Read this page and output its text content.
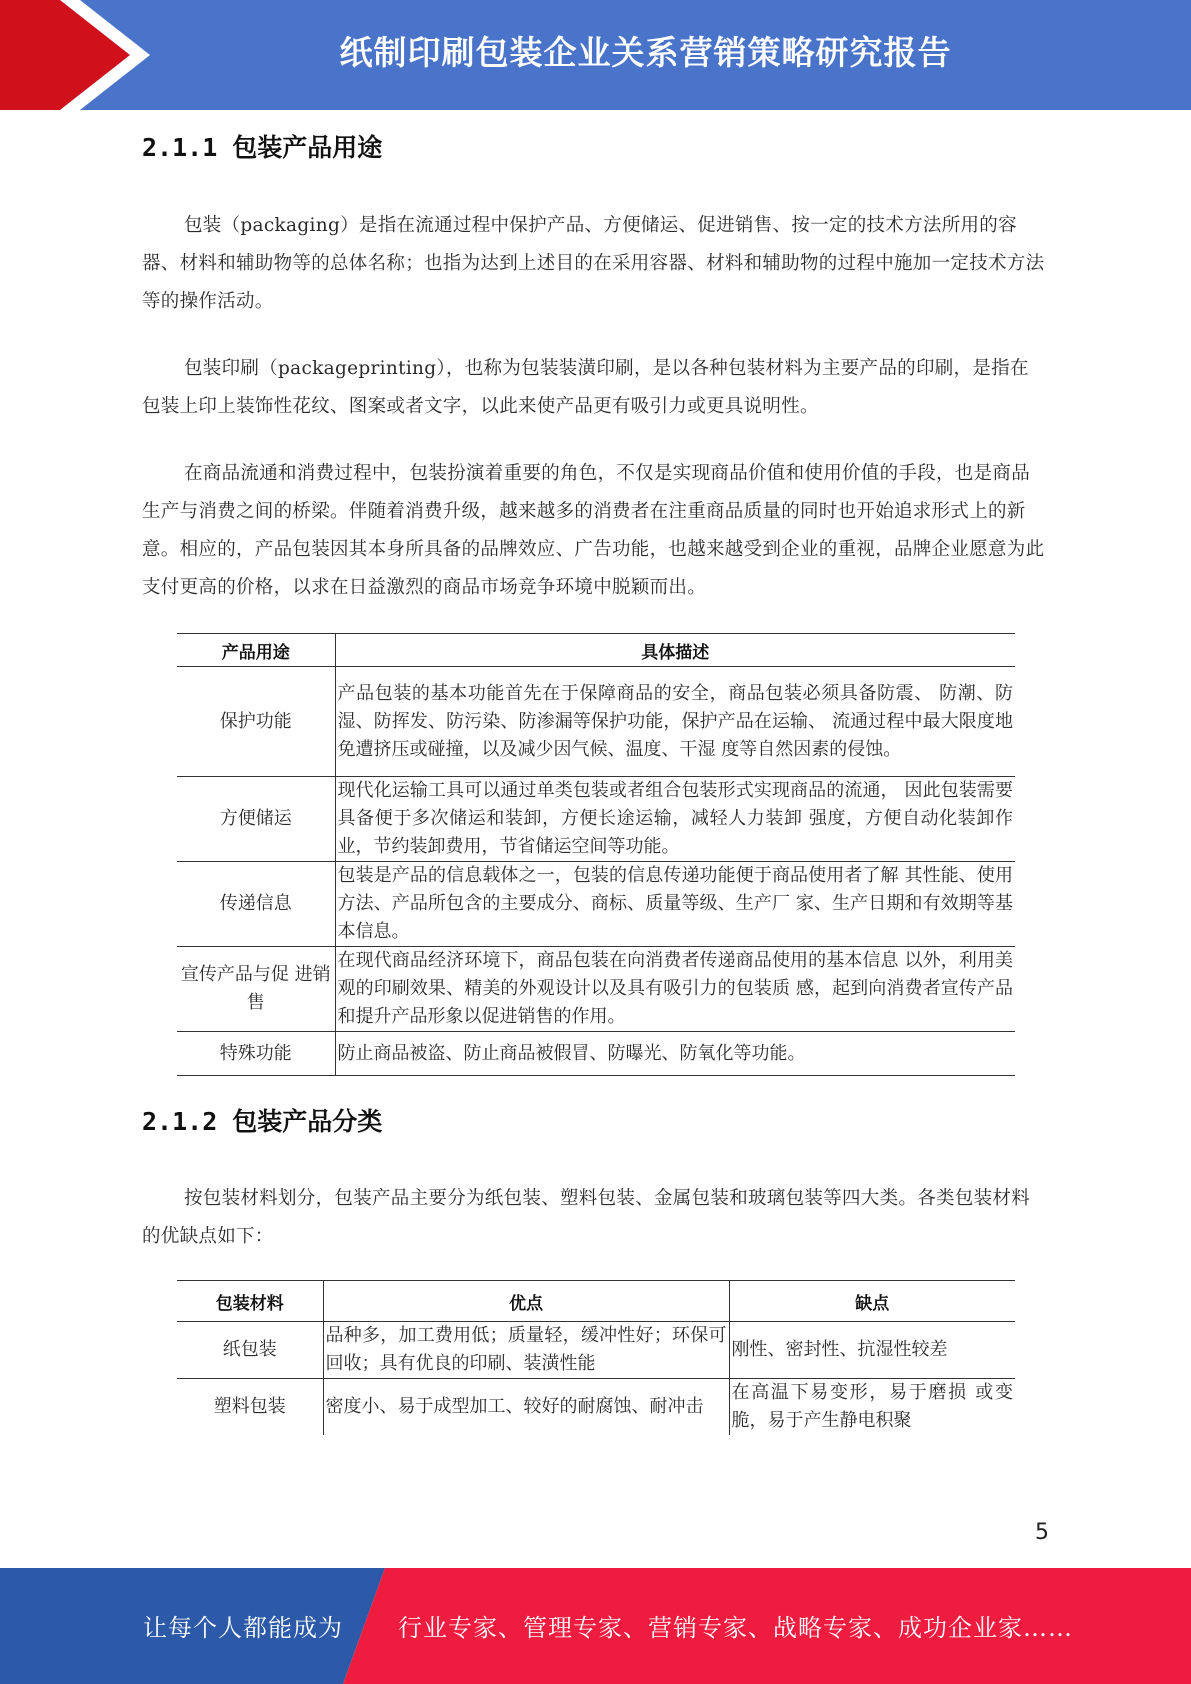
纸制印刷包装企业关系营销策略研究报告
2.1.1 包装产品用途

包装（packaging）是指在流通过程中保护产品、方便储运、促进销售、按一定的技术方法所用的容器、材料和辅助物等的总体名称；也指为达到上述目的在采用容器、材料和辅助物的过程中施加一定技术方法等的操作活动。

包装印刷（packageprinting），也称为包装装潢印刷，是以各种包装材料为主要产品的印刷，是指在包装上印上装饰性花纹、图案或者文字，以此来使产品更有吸引力或更具说明性。

在商品流通和消费过程中，包装扮演着重要的角色，不仅是实现商品价值和使用价值的手段，也是商品生产与消费之间的桥梁。伴随着消费升级，越来越多的消费者在注重商品质量的同时也开始追求形式上的新意。相应的，产品包装因其本身所具备的品牌效应、广告功能，也越来越受到企业的重视，品牌企业愿意为此支付更高的价格，以求在日益激烈的商品市场竞争环境中脱颖而出。

产品用途	具体描述
保护功能	产品包装的基本功能首先在于保障商品的安全，商品包装必须具备防震、 防潮、防湿、防挥发、防污染、防渗漏等保护功能，保护产品在运输、 流通过程中最大限度地免遭挤压或碰撞，以及减少因气候、温度、干湿 度等自然因素的侵蚀。
方便储运	现代化运输工具可以通过单类包装或者组合包装形式实现商品的流通， 因此包装需要具备便于多次储运和装卸，方便长途运输，减轻人力装卸 强度，方便自动化装卸作业，节约装卸费用，节省储运空间等功能。
传递信息	包装是产品的信息载体之一，包装的信息传递功能便于商品使用者了解 其性能、使用方法、产品所包含的主要成分、商标、质量等级、生产厂 家、生产日期和有效期等基本信息。
宣传产品与促 进销售	在现代商品经济环境下，商品包装在向消费者传递商品使用的基本信息 以外，利用美观的印刷效果、精美的外观设计以及具有吸引力的包装质 感，起到向消费者宣传产品和提升产品形象以促进销售的作用。
特殊功能	防止商品被盗、防止商品被假冒、防曝光、防氧化等功能。
2.1.2 包装产品分类

按包装材料划分，包装产品主要分为纸包装、塑料包装、金属包装和玻璃包装等四大类。各类包装材料的优缺点如下：

包装材料	优点	缺点
纸包装	品种多，加工费用低；质量轻，缓冲性好；环保可回收；具有优良的印刷、装潢性能	刚性、密封性、抗湿性较差
塑料包装	密度小、易于成型加工、较好的耐腐蚀、耐冲击	在高温下易变形，易于磨损 或变脆，易于产生静电积聚
5
让每个人都能成为 行业专家、管理专家、营销专家、战略专家、成功企业家……
